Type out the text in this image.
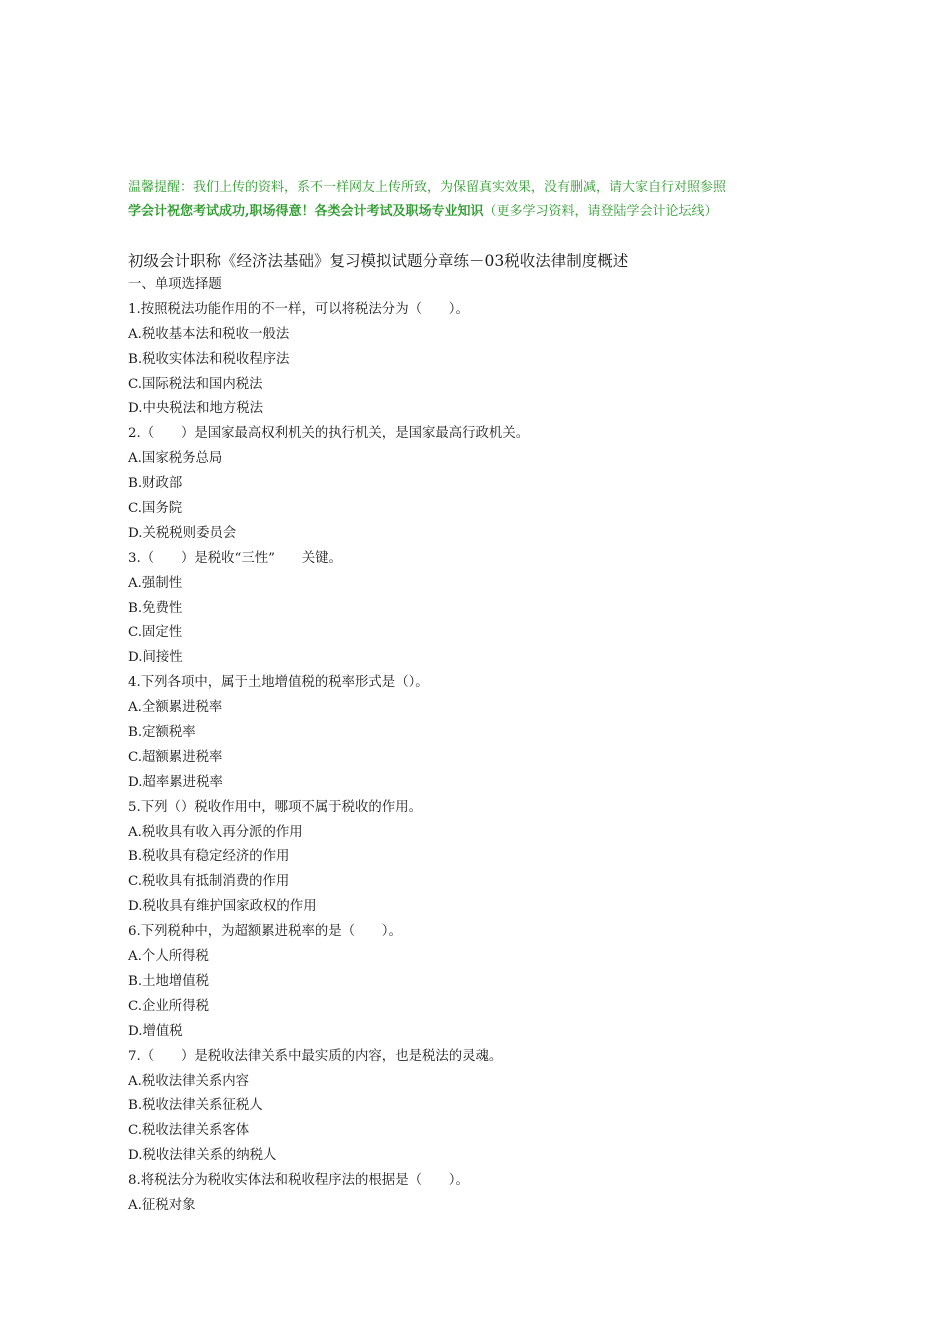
温馨提醒：我们上传的资料，系不一样网友上传所致，为保留真实效果，没有删减，请大家自行对照参照
学会计祝您考试成功,职场得意！各类会计考试及职场专业知识（更多学习资料，请登陆学会计论坛线）
初级会计职称《经济法基础》复习模拟试题分章练－03税收法律制度概述
一、单项选择题
1.按照税法功能作用的不一样，可以将税法分为（　　）。
A.税收基本法和税收一般法
B.税收实体法和税收程序法
C.国际税法和国内税法
D.中央税法和地方税法
2.（　　）是国家最高权利机关的执行机关，是国家最高行政机关。
A.国家税务总局
B.财政部
C.国务院
D.关税税则委员会
3.（　　）是税收“三性”　　关键。
A.强制性
B.免费性
C.固定性
D.间接性
4.下列各项中，属于土地增值税的税率形式是（）。
A.全额累进税率
B.定额税率
C.超额累进税率
D.超率累进税率
5.下列（）税收作用中，哪项不属于税收的作用。
A.税收具有收入再分派的作用
B.税收具有稳定经济的作用
C.税收具有抵制消费的作用
D.税收具有维护国家政权的作用
6.下列税种中，为超额累进税率的是（　　）。
A.个人所得税
B.土地增值税
C.企业所得税
D.增值税
7.（　　）是税收法律关系中最实质的内容，也是税法的灵魂。
A.税收法律关系内容
B.税收法律关系征税人
C.税收法律关系客体
D.税收法律关系的纳税人
8.将税法分为税收实体法和税收程序法的根据是（　　）。
A.征税对象
